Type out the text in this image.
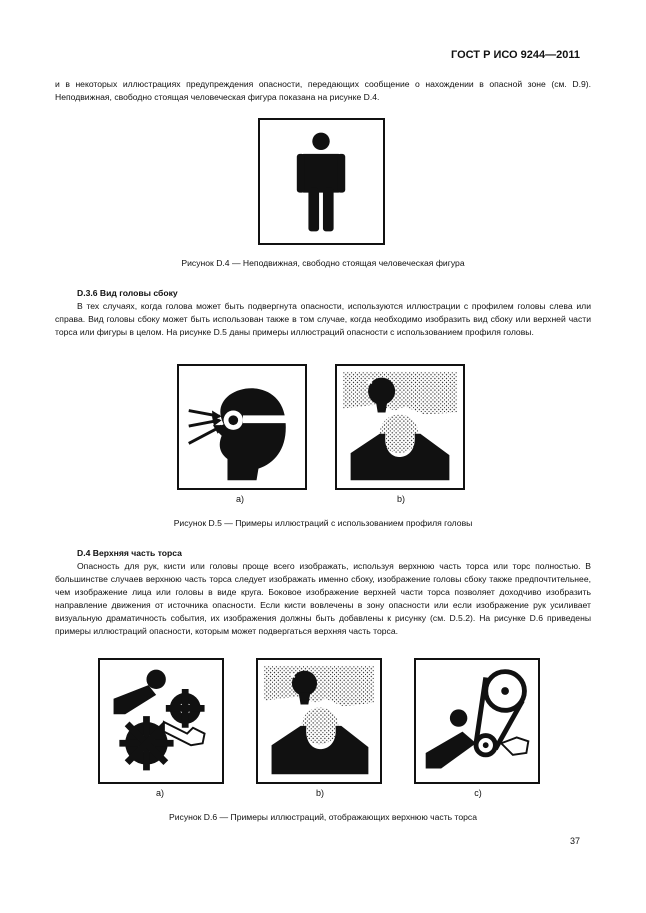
ГОСТ Р ИСО 9244—2011

и в некоторых иллюстрациях предупреждения опасности, передающих сообщение о нахождении в опасной зоне (см. D.9). Неподвижная, свободно стоящая человеческая фигура показана на рисунке D.4.

Рисунок D.4 — Неподвижная, свободно стоящая человеческая фигура

D.3.6 Вид головы сбоку

В тех случаях, когда голова может быть подвергнута опасности, используются иллюстрации с профилем головы слева или справа. Вид головы сбоку может быть использован также в том случае, когда необходимо изобразить вид сбоку или верхней части торса или фигуры в целом. На рисунке D.5 даны примеры иллюстраций опасности с использованием профиля головы.

а)	b)
Рисунок D.5 — Примеры иллюстраций с использованием профиля головы

D.4 Верхняя часть торса

Опасность для рук, кисти или головы проще всего изображать, используя верхнюю часть торса или торс полностью. В большинстве случаев верхнюю часть торса следует изображать именно сбоку, изображение головы сбоку также предпочтительнее, чем изображение лица или головы в виде круга. Боковое изображение верхней части торса позволяет доходчиво изобразить направление движения от источника опасности. Если кисти вовлечены в зону опасности или если изображение рук усиливает визуальную драматичность события, их изображения должны быть добавлены к рисунку (см. D.5.2). На рисунке D.6 приведены примеры иллюстраций опасности, которым может подвергаться верхняя часть торса.

а)	b)	с)
Рисунок D.6 — Примеры иллюстраций, отображающих верхнюю часть торса
37
